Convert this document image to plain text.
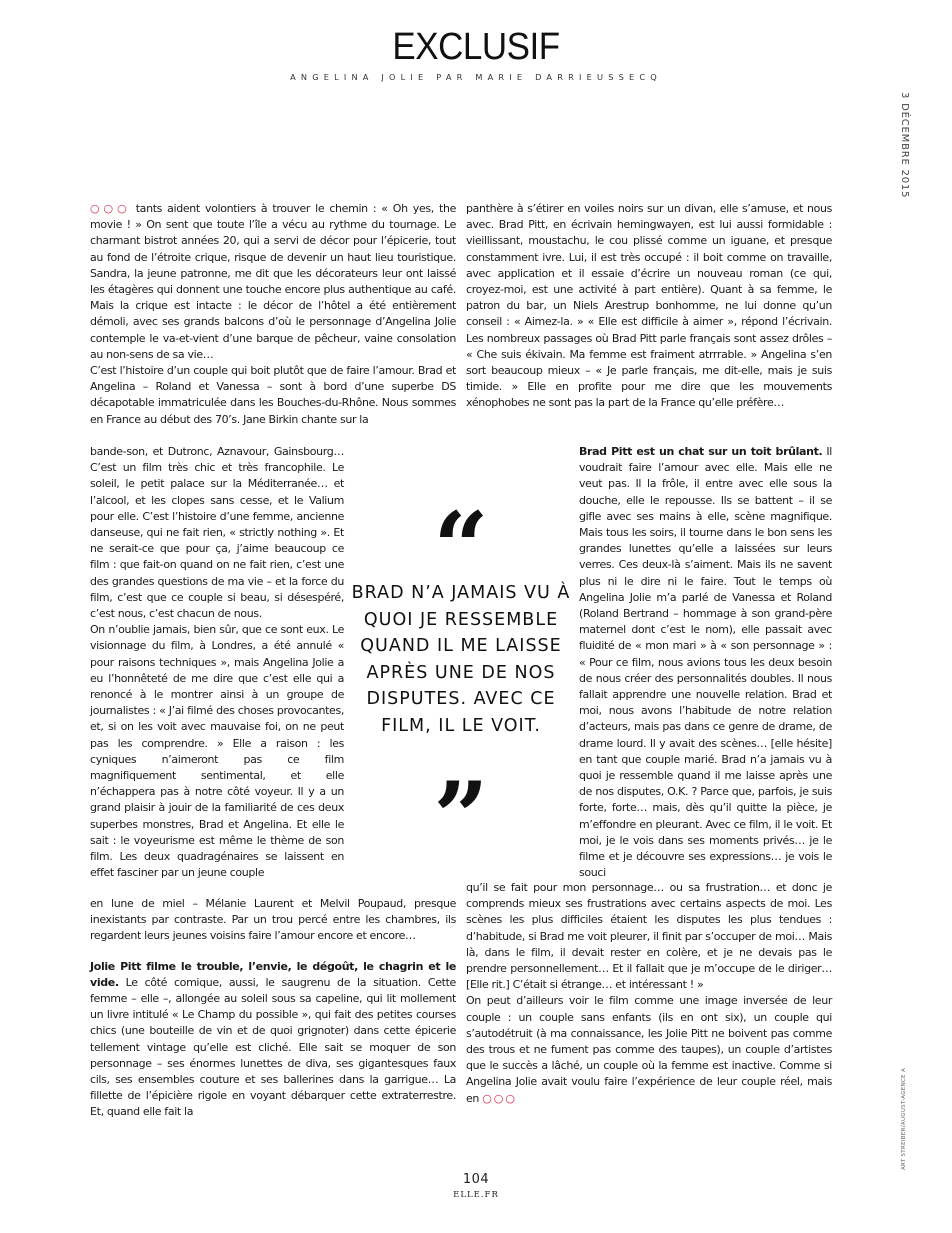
EXCLUSIF
ANGELINA JOLIE PAR MARIE DARRIEUSSECQ
3 DÉCEMBRE 2015
ART STREIBER/AUGUST-AGENCE A

○○○ tants aident volontiers à trouver le chemin : « Oh yes, the movie ! » On sent que toute l’île a vécu au rythme du tournage. Le charmant bistrot années 20, qui a servi de décor pour l’épicerie, tout au fond de l’étroite crique, risque de devenir un haut lieu touristique. Sandra, la jeune patronne, me dit que les décorateurs leur ont laissé les étagères qui donnent une touche encore plus authentique au café. Mais la crique est intacte : le décor de l’hôtel a été entièrement démoli, avec ses grands balcons d’où le personnage d’Angelina Jolie contemple le va-et-vient d’une barque de pêcheur, vaine consolation au non-sens de sa vie…

C’est l’histoire d’un couple qui boit plutôt que de faire l’amour. Brad et Angelina – Roland et Vanessa – sont à bord d’une superbe DS décapotable immatriculée dans les Bouches-du-Rhône. Nous sommes en France au début des 70’s. Jane Birkin chante sur la

bande-son, et Dutronc, Aznavour, Gainsbourg… C’est un film très chic et très francophile. Le soleil, le petit palace sur la Méditerranée… et l’alcool, et les clopes sans cesse, et le Valium pour elle. C’est l’histoire d’une femme, ancienne danseuse, qui ne fait rien, « strictly nothing ». Et ne serait-ce que pour ça, j’aime beaucoup ce film : que fait-on quand on ne fait rien, c’est une des grandes questions de ma vie – et la force du film, c’est que ce couple si beau, si désespéré, c’est nous, c’est chacun de nous.

On n’oublie jamais, bien sûr, que ce sont eux. Le visionnage du film, à Londres, a été annulé « pour raisons techniques », mais Angelina Jolie a eu l’honnêteté de me dire que c’est elle qui a renoncé à le montrer ainsi à un groupe de journalistes : « J’ai filmé des choses provocantes, et, si on les voit avec mauvaise foi, on ne peut pas les comprendre. » Elle a raison : les cyniques n’aimeront pas ce film magnifiquement sentimental, et elle n’échappera pas à notre côté voyeur. Il y a un grand plaisir à jouir de la familiarité de ces deux superbes monstres, Brad et Angelina. Et elle le sait : le voyeurisme est même le thème de son film. Les deux quadragénaires se laissent en effet fasciner par un jeune couple

en lune de miel – Mélanie Laurent et Melvil Poupaud, presque inexistants par contraste. Par un trou percé entre les chambres, ils regardent leurs jeunes voisins faire l’amour encore et encore…

Jolie Pitt filme le trouble, l’envie, le dégoût, le chagrin et le vide. Le côté comique, aussi, le saugrenu de la situation. Cette femme – elle –, allongée au soleil sous sa capeline, qui lit mollement un livre intitulé « Le Champ du possible », qui fait des petites courses chics (une bouteille de vin et de quoi grignoter) dans cette épicerie tellement vintage qu’elle est cliché. Elle sait se moquer de son personnage – ses énormes lunettes de diva, ses gigantesques faux cils, ses ensembles couture et ses ballerines dans la garrigue… La fillette de l’épicière rigole en voyant débarquer cette extraterrestre. Et, quand elle fait la

panthère à s’étirer en voiles noirs sur un divan, elle s’amuse, et nous avec. Brad Pitt, en écrivain hemingwayen, est lui aussi formidable : vieillissant, moustachu, le cou plissé comme un iguane, et presque constamment ivre. Lui, il est très occupé : il boit comme on travaille, avec application et il essaie d’écrire un nouveau roman (ce qui, croyez-moi, est une activité à part entière). Quant à sa femme, le patron du bar, un Niels Arestrup bonhomme, ne lui donne qu’un conseil : « Aimez-la. » « Elle est difficile à aimer », répond l’écrivain. Les nombreux passages où Brad Pitt parle français sont assez drôles – « Che suis ékivain. Ma femme est fraiment atrrrable. » Angelina s’en sort beaucoup mieux – « Je parle français, me dit-elle, mais je suis timide. » Elle en profite pour me dire que les mouvements xénophobes ne sont pas la part de la France qu’elle préfère…

Brad Pitt est un chat sur un toit brûlant. Il voudrait faire l’amour avec elle. Mais elle ne veut pas. Il la frôle, il entre avec elle sous la douche, elle le repousse. Ils se battent – il se gifle avec ses mains à elle, scène magnifique. Mais tous les soirs, il tourne dans le bon sens les grandes lunettes qu’elle a laissées sur leurs verres. Ces deux-là s’aiment. Mais ils ne savent plus ni le dire ni le faire. Tout le temps où Angelina Jolie m’a parlé de Vanessa et Roland (Roland Bertrand – hommage à son grand-père maternel dont c’est le nom), elle passait avec fluidité de « mon mari » à « son personnage » : « Pour ce film, nous avions tous les deux besoin de nous créer des personnalités doubles. Il nous fallait apprendre une nouvelle relation. Brad et moi, nous avons l’habitude de notre relation d’acteurs, mais pas dans ce genre de drame, de drame lourd. Il y avait des scènes… [elle hésite] en tant que couple marié. Brad n’a jamais vu à quoi je ressemble quand il me laisse après une de nos disputes, O.K. ? Parce que, parfois, je suis forte, forte… mais, dès qu’il quitte la pièce, je m’effondre en pleurant. Avec ce film, il le voit. Et moi, je le vois dans ses moments privés… je le filme et je découvre ses expressions… je vois le souci

qu’il se fait pour mon personnage… ou sa frustration… et donc je comprends mieux ses frustrations avec certains aspects de moi. Les scènes les plus difficiles étaient les disputes les plus tendues : d’habitude, si Brad me voit pleurer, il finit par s’occuper de moi… Mais là, dans le film, il devait rester en colère, et je ne devais pas le prendre personnellement… Et il fallait que je m’occupe de le diriger… [Elle rit.] C’était si étrange… et intéressant ! »

On peut d’ailleurs voir le film comme une image inversée de leur couple : un couple sans enfants (ils en ont six), un couple qui s’autodétruit (à ma connaissance, les Jolie Pitt ne boivent pas comme des trous et ne fument pas comme des taupes), un couple d’artistes que le succès a lâché, un couple où la femme est inactive. Comme si Angelina Jolie avait voulu faire l’expérience de leur couple réel, mais en ○○○

“
BRAD N’A JAMAIS VU À QUOI JE RESSEMBLE QUAND IL ME LAISSE APRÈS UNE DE NOS DISPUTES. AVEC CE FILM, IL LE VOIT.
”
104
ELLE.FR
